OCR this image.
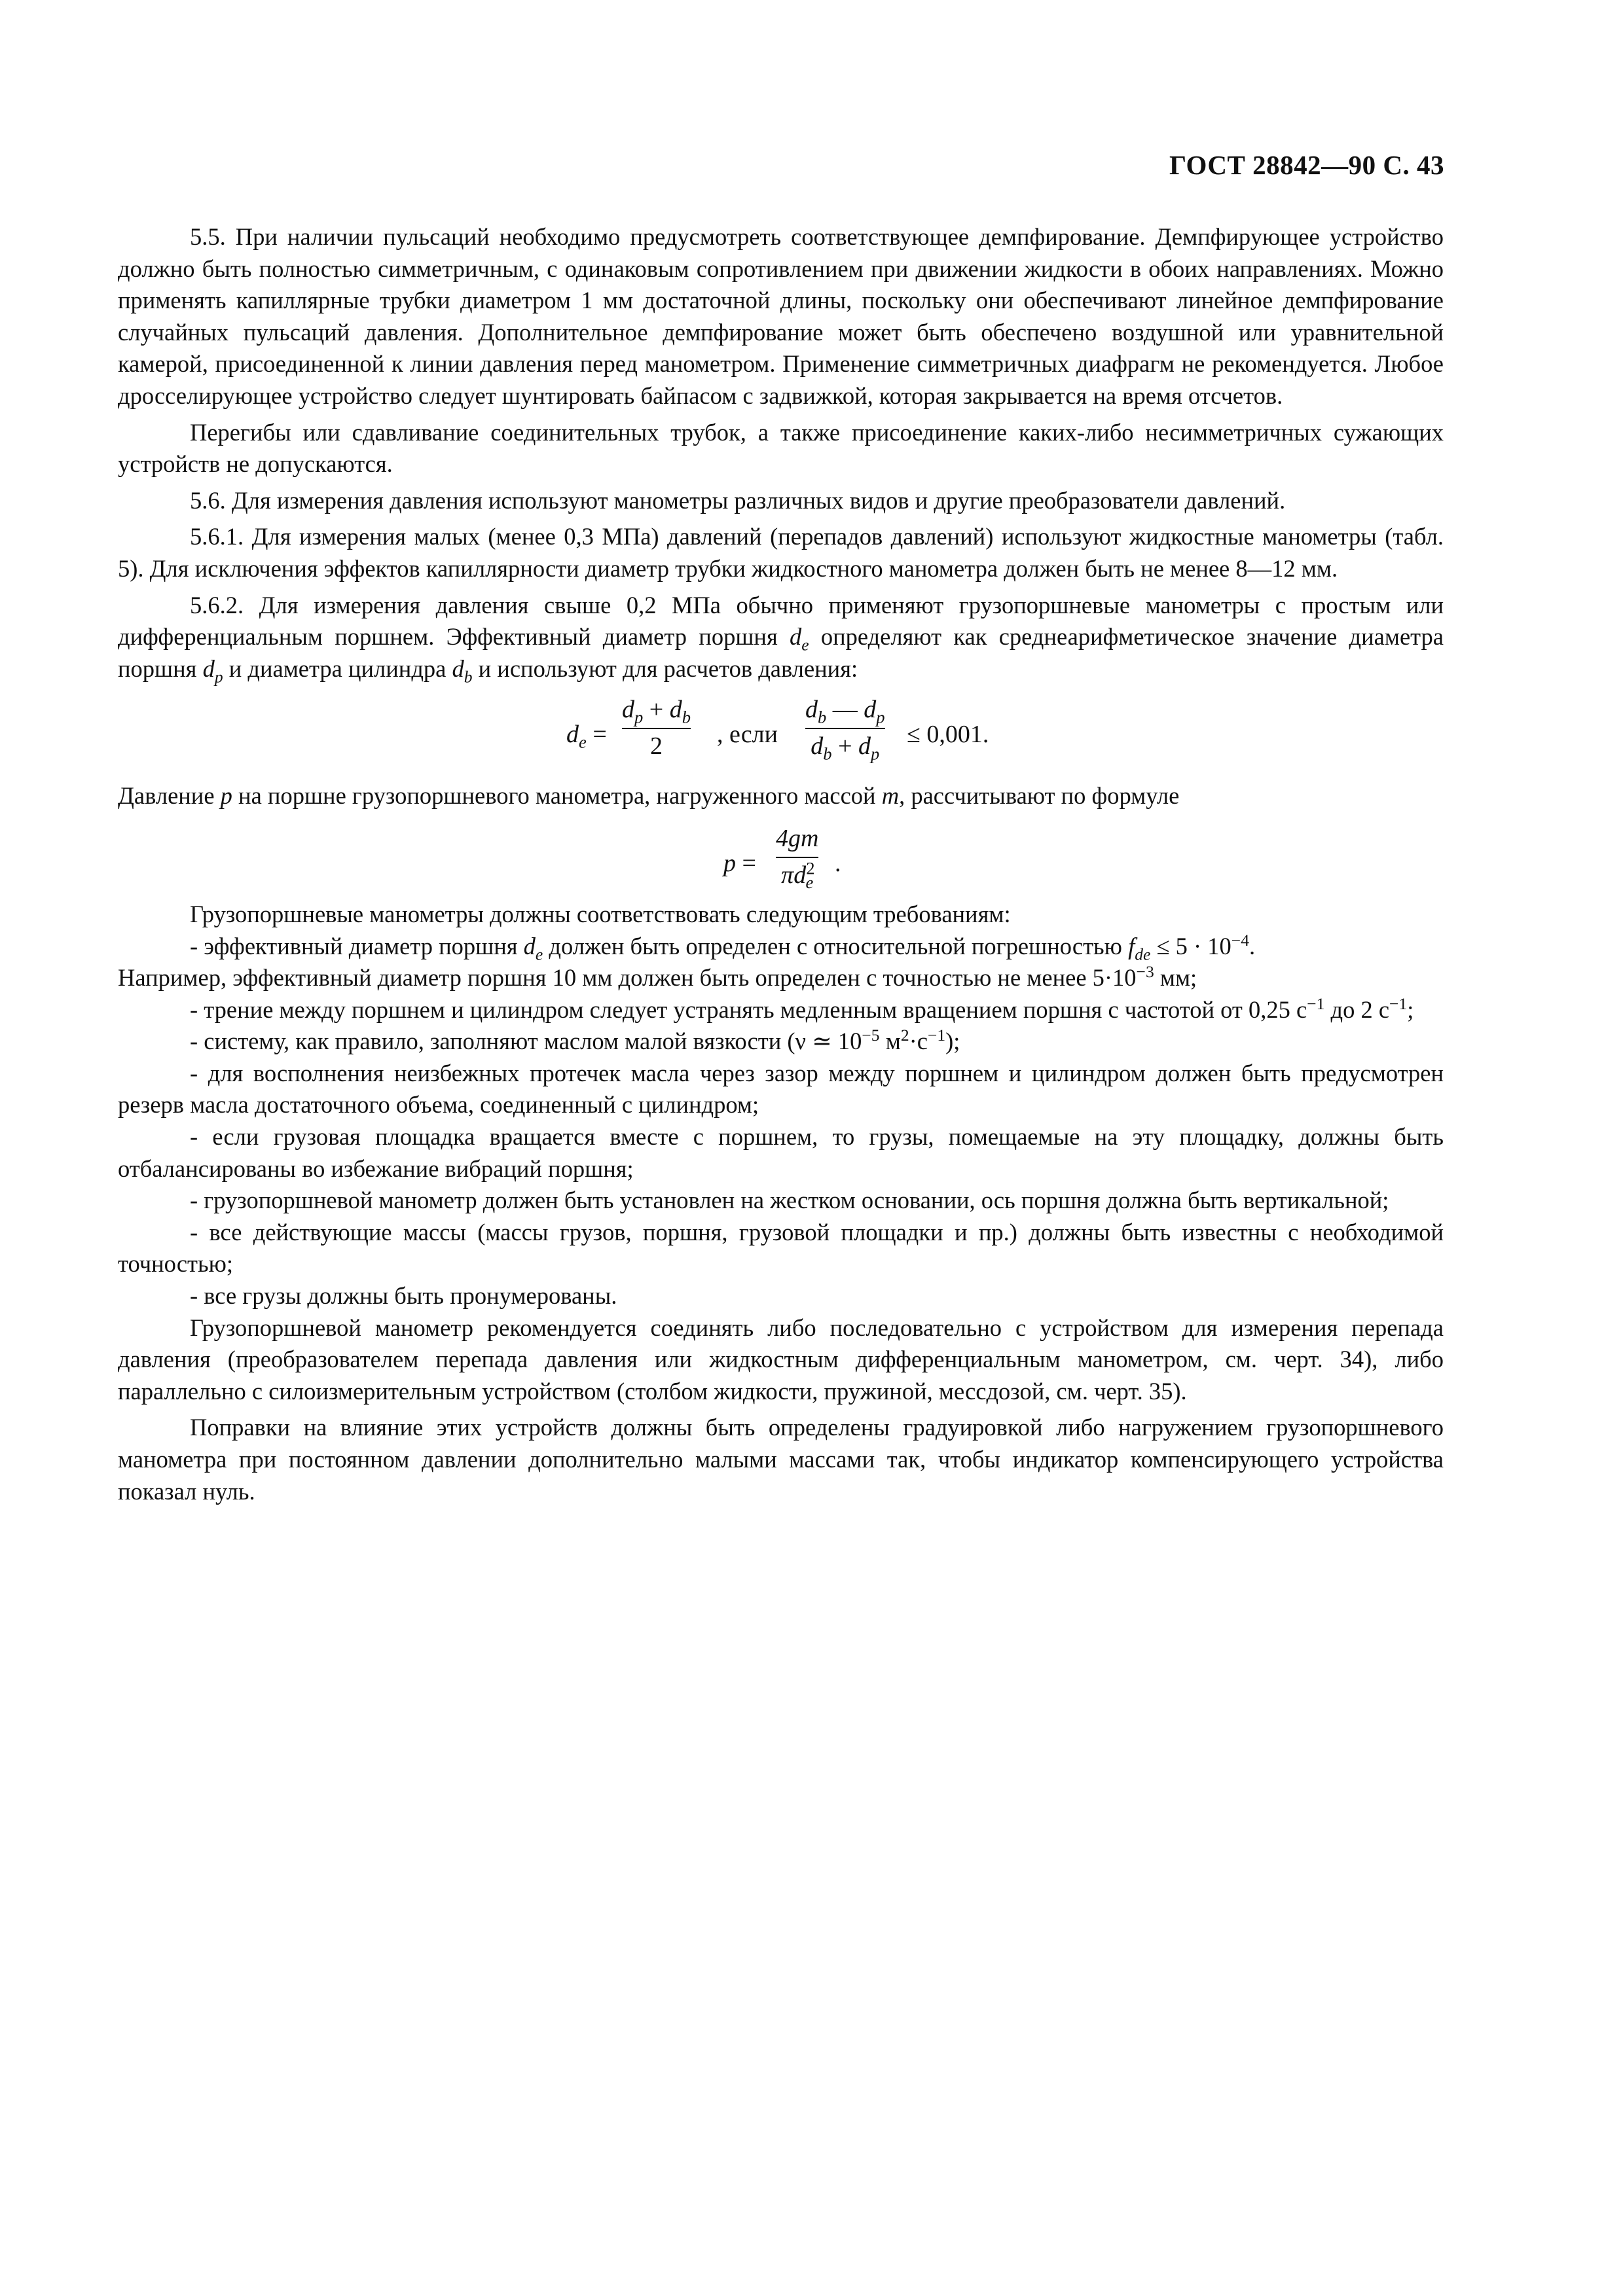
ГОСТ 28842—90 С. 43

5.5. При наличии пульсаций необходимо предусмотреть соответствующее демпфирование. Демпфирующее устройство должно быть полностью симметричным, с одинаковым сопротивлением при движении жидкости в обоих направлениях. Можно применять капиллярные трубки диаметром 1 мм достаточной длины, поскольку они обеспечивают линейное демпфирование случайных пульсаций давления. Дополнительное демпфирование может быть обеспечено воздушной или уравнительной камерой, присоединенной к линии давления перед манометром. Применение симметричных диафрагм не рекомендуется. Любое дросселирующее устройство следует шунтировать байпасом с задвижкой, которая закрывается на время отсчетов.

Перегибы или сдавливание соединительных трубок, а также присоединение каких-либо несимметричных сужающих устройств не допускаются.

5.6. Для измерения давления используют манометры различных видов и другие преобразователи давлений.

5.6.1. Для измерения малых (менее 0,3 МПа) давлений (перепадов давлений) используют жидкостные манометры (табл. 5). Для исключения эффектов капиллярности диаметр трубки жидкостного манометра должен быть не менее 8—12 мм.

5.6.2. Для измерения давления свыше 0,2 МПа обычно применяют грузопоршневые манометры с простым или дифференциальным поршнем. Эффективный диаметр поршня $d_e$ определяют как среднеарифметическое значение диаметра поршня $d_p$ и диаметра цилиндра $d_b$ и используют для расчетов давления:

$d_e$ =
$d_p + d_b$
2 , если
$d_b$ — $d_p$
$d_b + d_p$
≤ 0,001.

Давление p на поршне грузопоршневого манометра, нагруженного массой m, рассчитывают по формуле

p =
4gm
$\pi d^2_e$
.

Грузопоршневые манометры должны соответствовать следующим требованиям:

- эффективный диаметр поршня $d_e$ должен быть определен с относительной погрешностью $f_{de} \le 5 \cdot 10^{-4}$.

Например, эффективный диаметр поршня 10 мм должен быть определен с точностью не менее $5\cdot 10^{-3}$ мм;

- трение между поршнем и цилиндром следует устранять медленным вращением поршня с частотой от 0,25 $с^{-1}$ до 2 $с^{-1}$;

- систему, как правило, заполняют маслом малой вязкости (ν ≃ $10^{-5}$ $м^2\cdot с^{-1}$);

- для восполнения неизбежных протечек масла через зазор между поршнем и цилиндром должен быть предусмотрен резерв масла достаточного объема, соединенный с цилиндром;

- если грузовая площадка вращается вместе с поршнем, то грузы, помещаемые на эту площадку, должны быть отбалансированы во избежание вибраций поршня;

- грузопоршневой манометр должен быть установлен на жестком основании, ось поршня должна быть вертикальной;

- все действующие массы (массы грузов, поршня, грузовой площадки и пр.) должны быть известны с необходимой точностью;

- все грузы должны быть пронумерованы.

Грузопоршневой манометр рекомендуется соединять либо последовательно с устройством для измерения перепада давления (преобразователем перепада давления или жидкостным дифференциальным манометром, см. черт. 34), либо параллельно с силоизмерительным устройством (столбом жидкости, пружиной, мессдозой, см. черт. 35).

Поправки на влияние этих устройств должны быть определены градуировкой либо нагружением грузопоршневого манометра при постоянном давлении дополнительно малыми массами так, чтобы индикатор компенсирующего устройства показал нуль.
